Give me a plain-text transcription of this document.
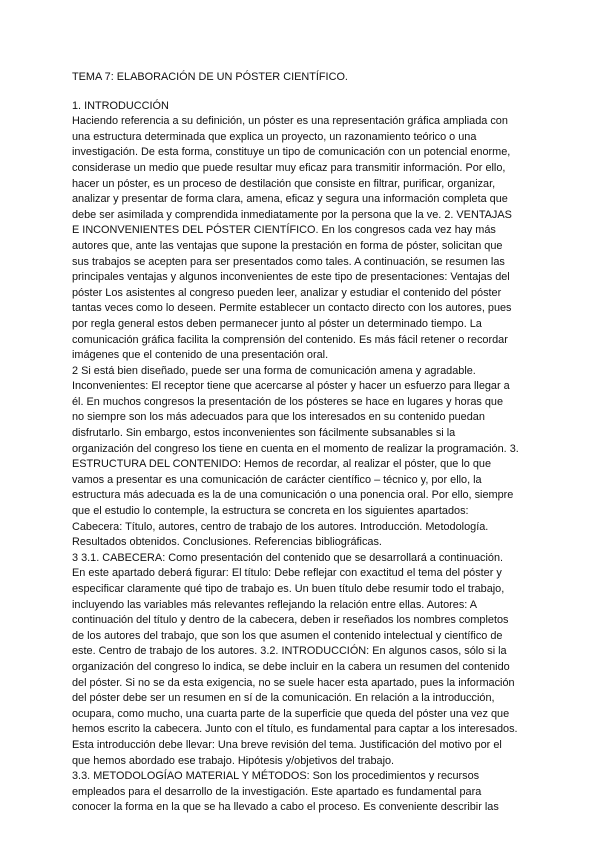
TEMA 7: ELABORACIÓN DE UN PÓSTER CIENTÍFICO.
1. INTRODUCCIÓN
Haciendo referencia a su definición, un póster es una representación gráfica ampliada con
una estructura determinada que explica un proyecto, un razonamiento teórico o una
investigación. De esta forma, constituye un tipo de comunicación con un potencial enorme,
considerase un medio que puede resultar muy eficaz para transmitir información. Por ello,
hacer un póster, es un proceso de destilación que consiste en filtrar, purificar, organizar,
analizar y presentar de forma clara, amena, eficaz y segura una información completa que
debe ser asimilada y comprendida inmediatamente por la persona que la ve. 2. VENTAJAS
E INCONVENIENTES DEL PÓSTER CIENTÍFICO. En los congresos cada vez hay más
autores que, ante las ventajas que supone la prestación en forma de póster, solicitan que
sus trabajos se acepten para ser presentados como tales. A continuación, se resumen las
principales ventajas y algunos inconvenientes de este tipo de presentaciones: Ventajas del
póster Los asistentes al congreso pueden leer, analizar y estudiar el contenido del póster
tantas veces como lo deseen. Permite establecer un contacto directo con los autores, pues
por regla general estos deben permanecer junto al póster un determinado tiempo. La
comunicación gráfica facilita la comprensión del contenido. Es más fácil retener o recordar
imágenes que el contenido de una presentación oral.
2 Si está bien diseñado, puede ser una forma de comunicación amena y agradable.
Inconvenientes: El receptor tiene que acercarse al póster y hacer un esfuerzo para llegar a
él. En muchos congresos la presentación de los pósteres se hace en lugares y horas que
no siempre son los más adecuados para que los interesados en su contenido puedan
disfrutarlo. Sin embargo, estos inconvenientes son fácilmente subsanables si la
organización del congreso los tiene en cuenta en el momento de realizar la programación. 3.
ESTRUCTURA DEL CONTENIDO: Hemos de recordar, al realizar el póster, que lo que
vamos a presentar es una comunicación de carácter científico – técnico y, por ello, la
estructura más adecuada es la de una comunicación o una ponencia oral. Por ello, siempre
que el estudio lo contemple, la estructura se concreta en los siguientes apartados:
Cabecera: Título, autores, centro de trabajo de los autores. Introducción. Metodología.
Resultados obtenidos. Conclusiones. Referencias bibliográficas.
3 3.1. CABECERA: Como presentación del contenido que se desarrollará a continuación.
En este apartado deberá figurar: El título: Debe reflejar con exactitud el tema del póster y
especificar claramente qué tipo de trabajo es. Un buen título debe resumir todo el trabajo,
incluyendo las variables más relevantes reflejando la relación entre ellas. Autores: A
continuación del título y dentro de la cabecera, deben ir reseñados los nombres completos
de los autores del trabajo, que son los que asumen el contenido intelectual y científico de
este. Centro de trabajo de los autores. 3.2. INTRODUCCIÓN: En algunos casos, sólo si la
organización del congreso lo indica, se debe incluir en la cabera un resumen del contenido
del póster. Si no se da esta exigencia, no se suele hacer esta apartado, pues la información
del póster debe ser un resumen en sí de la comunicación. En relación a la introducción,
ocupara, como mucho, una cuarta parte de la superficie que queda del póster una vez que
hemos escrito la cabecera. Junto con el título, es fundamental para captar a los interesados.
Esta introducción debe llevar: Una breve revisión del tema. Justificación del motivo por el
que hemos abordado ese trabajo. Hipótesis y/objetivos del trabajo.
3.3. METODOLOGÍAO MATERIAL Y MÉTODOS: Son los procedimientos y recursos
empleados para el desarrollo de la investigación. Este apartado es fundamental para
conocer la forma en la que se ha llevado a cabo el proceso. Es conveniente describir las
